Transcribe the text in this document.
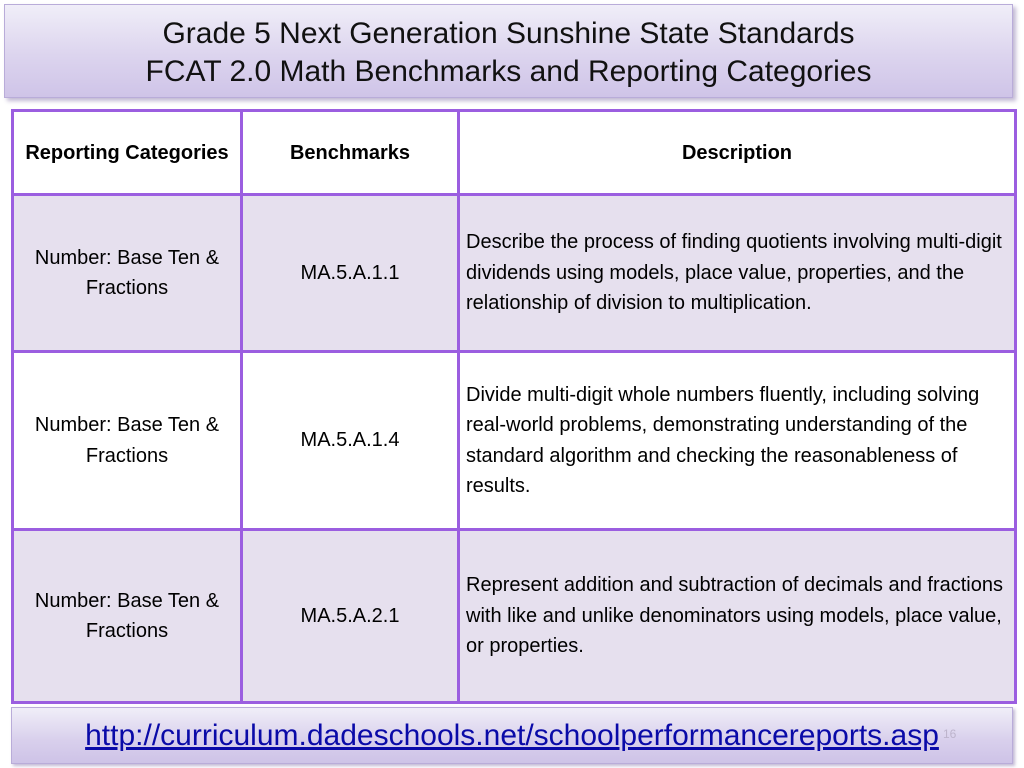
Grade 5 Next Generation Sunshine State Standards
FCAT 2.0 Math Benchmarks and Reporting Categories
Reporting Categories	Benchmarks	Description
Number: Base Ten & Fractions	MA.5.A.1.1	Describe the process of finding quotients involving multi-digit dividends using models, place value, properties, and the relationship of division to multiplication.
Number: Base Ten & Fractions	MA.5.A.1.4	Divide multi-digit whole numbers fluently, including solving real-world problems, demonstrating understanding of the standard algorithm and checking the reasonableness of results.
Number: Base Ten & Fractions	MA.5.A.2.1	Represent addition and subtraction of decimals and fractions with like and unlike denominators using models, place value, or properties.
http://curriculum.dadeschools.net/schoolperformancereports.asp 16
